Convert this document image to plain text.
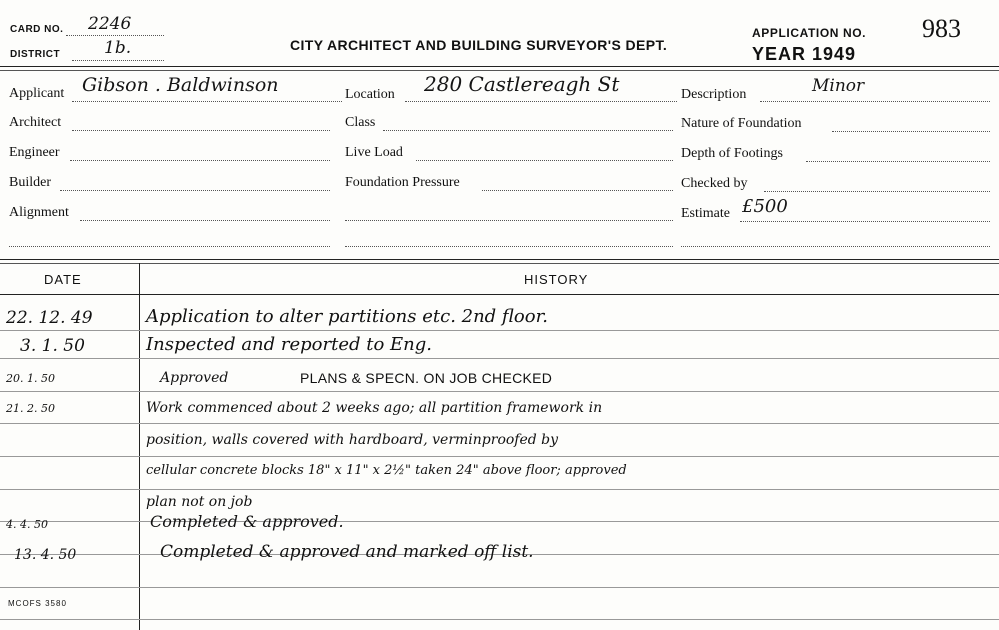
CARD NO. 2246
DISTRICT	1b.	CITY ARCHITECT AND BUILDING SURVEYOR'S DEPT.
APPLICATION NO. 983
YEAR 1949
Applicant Gibson . Baldwinson
Architect
Engineer
Builder
Alignment
Location 280 Castlereagh St
Class
Live Load
Foundation Pressure
Description	Minor
Nature of Foundation
Depth of Footings
Checked by
Estimate £500
DATE	HISTORY
22. 12. 49	Application to alter partitions etc. 2nd floor.
3. 1. 50	Inspected and reported to Eng.
20. 1. 50	Approved	PLANS & SPECN. ON JOB CHECKED
21. 2. 50	Work commenced about 2 weeks ago; all partition framework in
position, walls covered with hardboard, verminproofed by
cellular concrete blocks 18" x 11" x 2½" taken 24" above floor; approved
plan not on job
4. 4. 50	Completed & approved.
13. 4. 50	Completed & approved and marked off list.
MCOFS 3580
